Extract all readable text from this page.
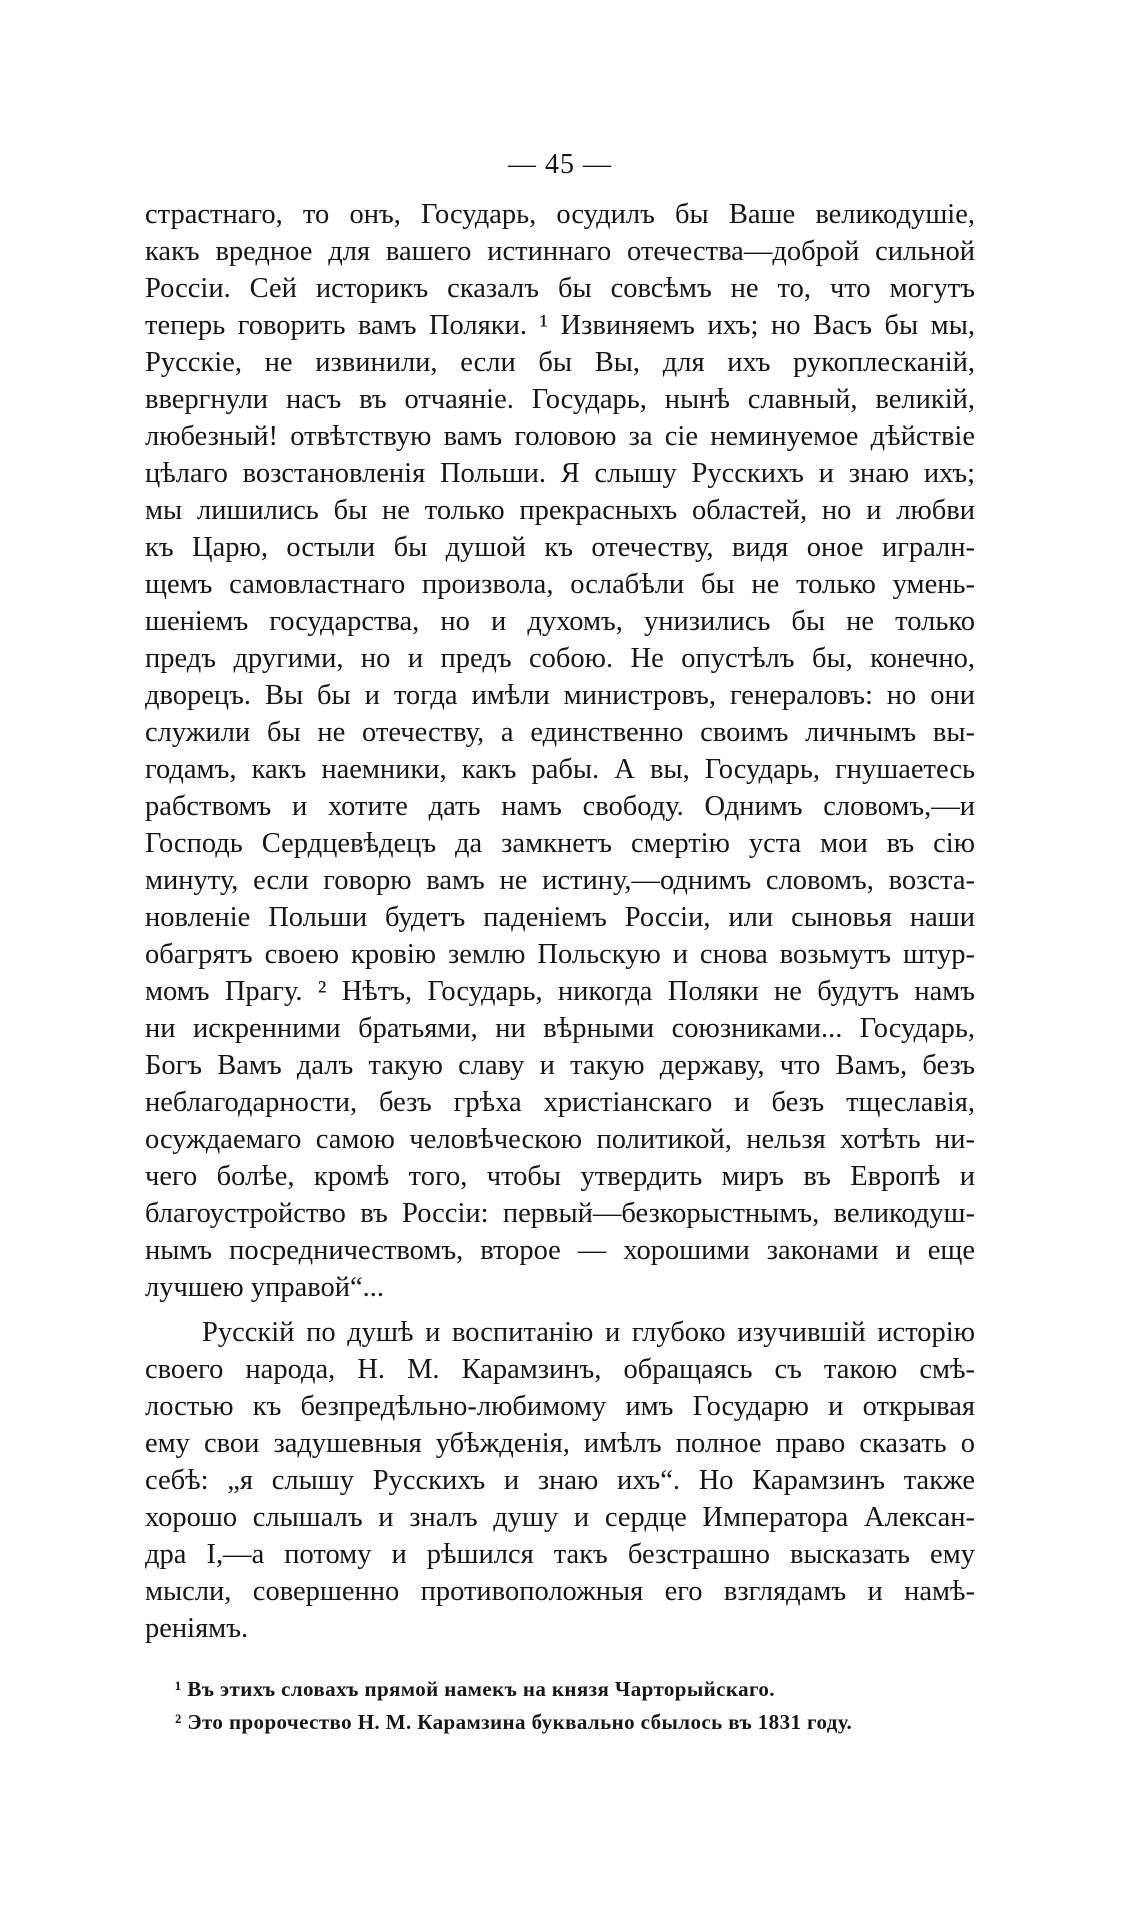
— 45 —
страстнаго, то онъ, Государь, осудилъ бы Ваше великодушіе,
какъ вредное для вашего истиннаго отечества—доброй сильной
Россіи. Сей историкъ сказалъ бы совсѣмъ не то, что могутъ
теперь говорить вамъ Поляки. ¹ Извиняемъ ихъ; но Васъ бы мы,
Русскіе, не извинили, если бы Вы, для ихъ рукоплесканій,
ввергнули насъ въ отчаяніе. Государь, нынѣ славный, великій,
любезный! отвѣтствую вамъ головою за сіе неминуемое дѣйствіе
цѣлаго возстановленія Польши. Я слышу Русскихъ и знаю ихъ;
мы лишились бы не только прекрасныхъ областей, но и любви
къ Царю, остыли бы душой къ отечеству, видя оное игралн-
щемъ самовластнаго произвола, ослабѣли бы не только умень-
шеніемъ государства, но и духомъ, унизились бы не только
предъ другими, но и предъ собою. Не опустѣлъ бы, конечно,
дворецъ. Вы бы и тогда имѣли министровъ, генераловъ: но они
служили бы не отечеству, а единственно своимъ личнымъ вы-
годамъ, какъ наемники, какъ рабы. А вы, Государь, гнушаетесь
рабствомъ и хотите дать намъ свободу. Однимъ словомъ,—и
Господь Сердцевѣдецъ да замкнетъ смертію уста мои въ сію
минуту, если говорю вамъ не истину,—однимъ словомъ, возста-
новленіе Польши будетъ паденіемъ Россіи, или сыновья наши
обагрятъ своею кровію землю Польскую и снова возьмутъ штур-
момъ Прагу. ² Нѣтъ, Государь, никогда Поляки не будутъ намъ
ни искренними братьями, ни вѣрными союзниками... Государь,
Богъ Вамъ далъ такую славу и такую державу, что Вамъ, безъ
неблагодарности, безъ грѣха христіанскаго и безъ тщеславія,
осуждаемаго самою человѣческою политикой, нельзя хотѣть ни-
чего болѣе, кромѣ того, чтобы утвердить миръ въ Европѣ и
благоустройство въ Россіи: первый—безкорыстнымъ, великодуш-
нымъ посредничествомъ, второе — хорошими законами и еще
лучшею управой“...
Русскій по душѣ и воспитанію и глубоко изучившій исторію
своего народа, Н. М. Карамзинъ, обращаясь съ такою смѣ-
лостью къ безпредѣльно-любимому имъ Государю и открывая
ему свои задушевныя убѣжденія, имѣлъ полное право сказать о
себѣ: „я слышу Русскихъ и знаю ихъ“. Но Карамзинъ также
хорошо слышалъ и зналъ душу и сердце Императора Алексан-
дра I,—а потому и рѣшился такъ безстрашно высказать ему
мысли, совершенно противоположныя его взглядамъ и намѣ-
реніямъ.
¹ Въ этихъ словахъ прямой намекъ на князя Чарторыйскаго.
² Это пророчество Н. М. Карамзина буквально сбылось въ 1831 году.
